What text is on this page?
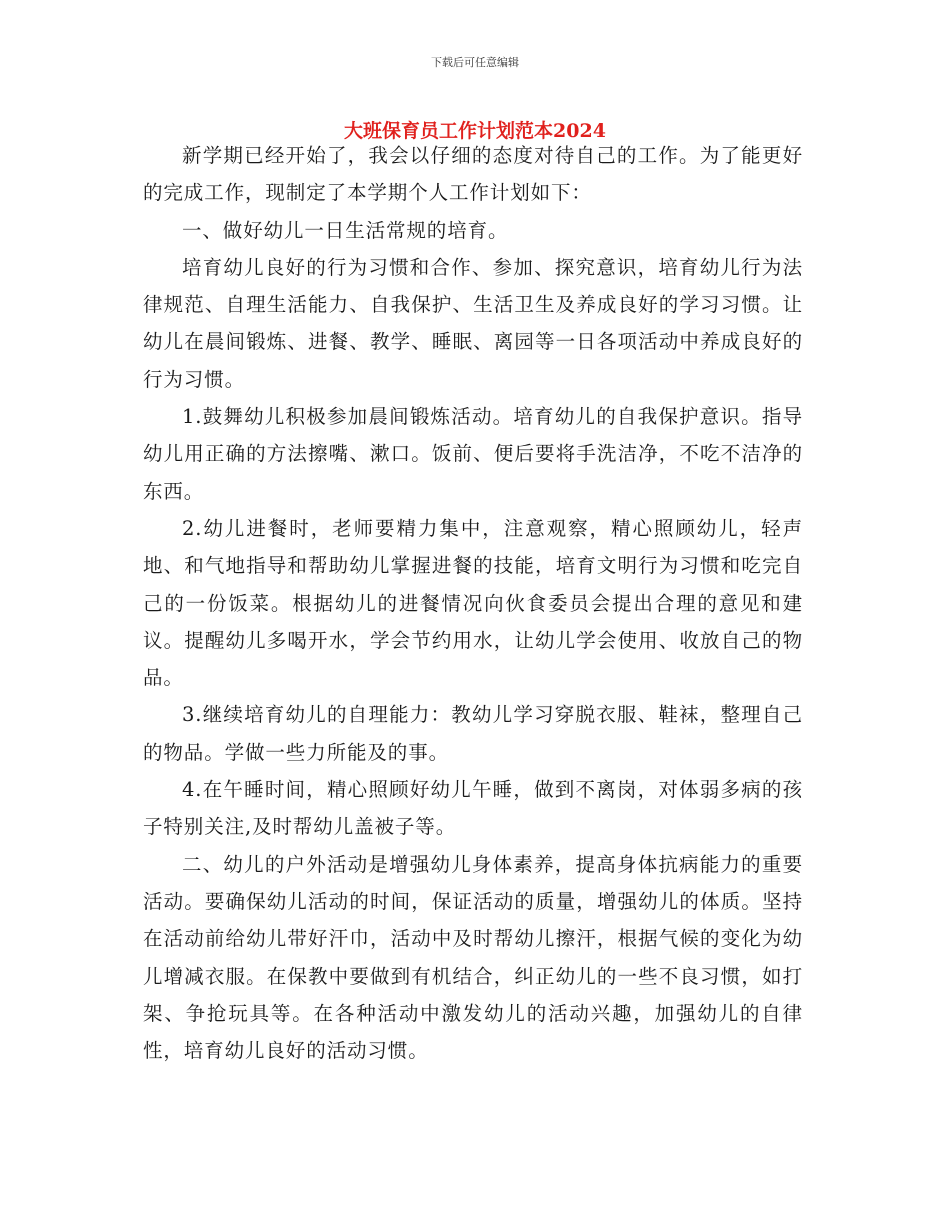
下载后可任意编辑
大班保育员工作计划范本2024

新学期已经开始了，我会以仔细的态度对待自己的工作。为了能更好的完成工作，现制定了本学期个人工作计划如下：

一、做好幼儿一日生活常规的培育。

培育幼儿良好的行为习惯和合作、参加、探究意识，培育幼儿行为法律规范、自理生活能力、自我保护、生活卫生及养成良好的学习习惯。让幼儿在晨间锻炼、进餐、教学、睡眠、离园等一日各项活动中养成良好的行为习惯。

1.鼓舞幼儿积极参加晨间锻炼活动。培育幼儿的自我保护意识。指导幼儿用正确的方法擦嘴、漱口。饭前、便后要将手洗洁净，不吃不洁净的东西。

2.幼儿进餐时，老师要精力集中，注意观察，精心照顾幼儿，轻声地、和气地指导和帮助幼儿掌握进餐的技能，培育文明行为习惯和吃完自己的一份饭菜。根据幼儿的进餐情况向伙食委员会提出合理的意见和建议。提醒幼儿多喝开水，学会节约用水，让幼儿学会使用、收放自己的物品。

3.继续培育幼儿的自理能力：教幼儿学习穿脱衣服、鞋袜，整理自己的物品。学做一些力所能及的事。

4.在午睡时间，精心照顾好幼儿午睡，做到不离岗，对体弱多病的孩子特别关注,及时帮幼儿盖被子等。

二、幼儿的户外活动是增强幼儿身体素养，提高身体抗病能力的重要活动。要确保幼儿活动的时间，保证活动的质量，增强幼儿的体质。坚持在活动前给幼儿带好汗巾，活动中及时帮幼儿擦汗，根据气候的变化为幼儿增减衣服。在保教中要做到有机结合，纠正幼儿的一些不良习惯，如打架、争抢玩具等。在各种活动中激发幼儿的活动兴趣，加强幼儿的自律性，培育幼儿良好的活动习惯。
